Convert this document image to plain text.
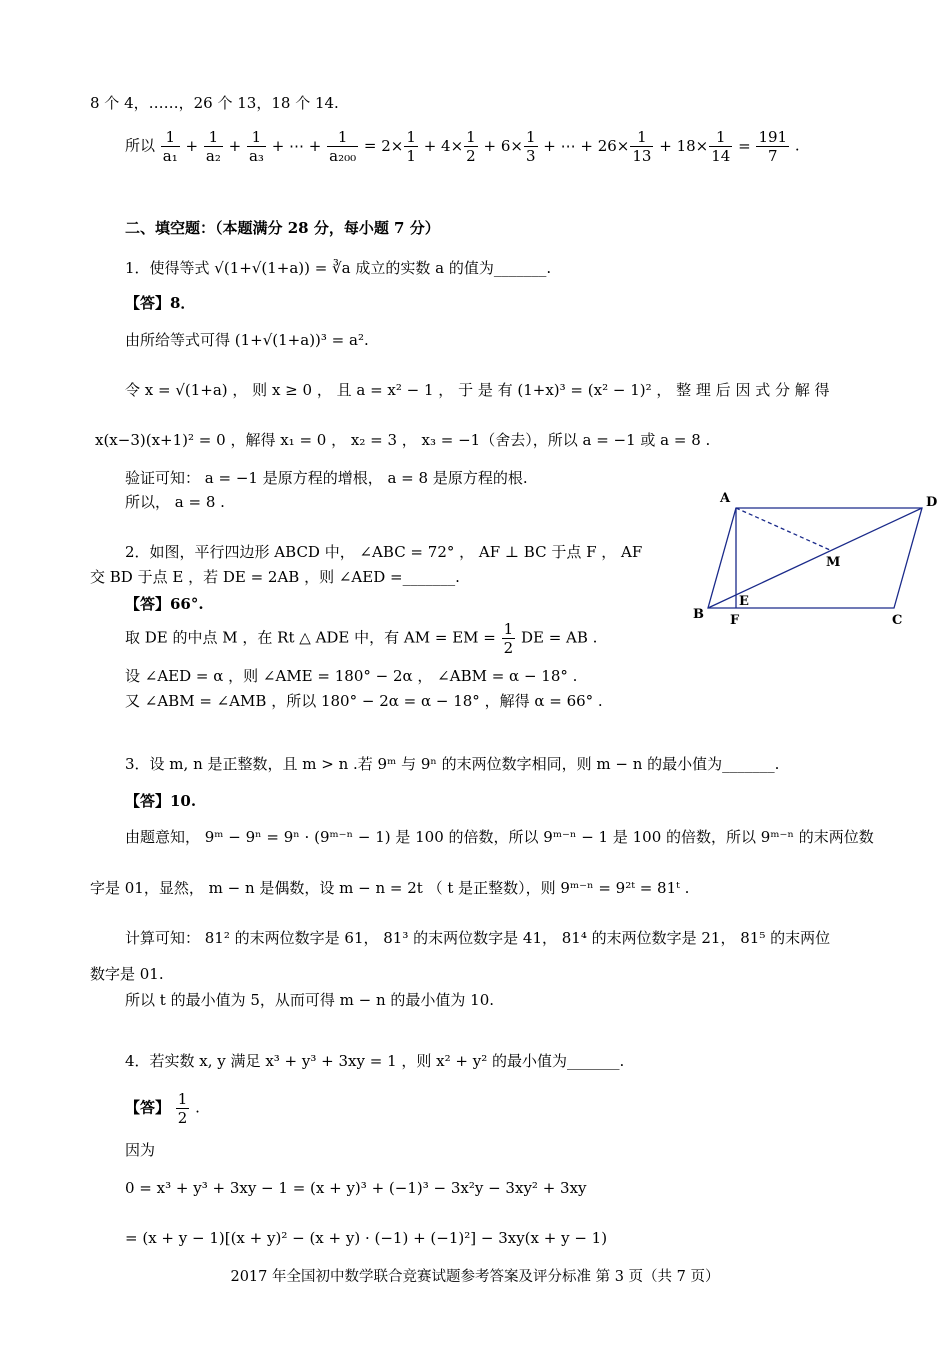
8 个 4，……，26 个 13，18 个 14.
所以 $\frac{1}{\text{a₁}} + \frac{1}{\text{a₂}} + \frac{1}{\text{a₃}}$ + ⋯ + $\frac{1}{\text{a₂₀₀}} = 2\times \frac{1}{1} + 4\times \frac{1}{2} + 6\times \frac{1}{3}$ + ⋯ + $26\times \frac{1}{13} + 18\times \frac{1}{14} = \frac{191}{7}$ .
二、填空题：（本题满分 28 分，每小题 7 分）
1．使得等式 √(1+√(1+a)) = ∛a 成立的实数 a 的值为_______.
【答】8．
由所给等式可得 (1+√(1+a))³ = a².
令 x = √(1+a) ， 则 x ≥ 0 ， 且 a = x² − 1 ， 于 是 有 (1+x)³ = (x² − 1)² ， 整 理 后 因 式 分 解 得
x(x−3)(x+1)² = 0 ，解得 x₁ = 0 ， x₂ = 3 ， x₃ = −1（舍去），所以 a = −1 或 a = 8 .
验证可知： a = −1 是原方程的增根， a = 8 是原方程的根.
所以， a = 8 .
2．如图，平行四边形 ABCD 中， ∠ABC = 72° ， AF ⊥ BC 于点 F ， AF
交 BD 于点 E ，若 DE = 2AB ，则 ∠AED =_______.
【答】66°.
取 DE 的中点 M ，在 Rt △ ADE 中，有 AM = EM = $\frac{1}{2}$ DE = AB .
设 ∠AED = α ，则 ∠AME = 180° − 2α ， ∠ABM = α − 18° .
又 ∠ABM = ∠AMB ，所以 180° − 2α = α − 18° ，解得 α = 66° .
A	D
M
E
B F	C
3．设 m, n 是正整数，且 m > n .若 9ᵐ 与 9ⁿ 的末两位数字相同，则 m − n 的最小值为_______.
【答】10.
由题意知， 9ᵐ − 9ⁿ = 9ⁿ · (9ᵐ⁻ⁿ − 1) 是 100 的倍数，所以 9ᵐ⁻ⁿ − 1 是 100 的倍数，所以 9ᵐ⁻ⁿ 的末两位数
字是 01，显然， m − n 是偶数，设 m − n = 2t （ t 是正整数），则 9ᵐ⁻ⁿ = 9²ᵗ = 81ᵗ .
计算可知： 81² 的末两位数字是 61， 81³ 的末两位数字是 41， 81⁴ 的末两位数字是 21， 81⁵ 的末两位
数字是 01.
所以 t 的最小值为 5，从而可得 m − n 的最小值为 10.
4．若实数 x, y 满足 x³ + y³ + 3xy = 1 ，则 x² + y² 的最小值为_______.
【答】 $\frac{1}{2}$ .
因为
0 = x³ + y³ + 3xy − 1 = (x + y)³ + (−1)³ − 3x²y − 3xy² + 3xy
= (x + y − 1)[(x + y)² − (x + y) · (−1) + (−1)²] − 3xy(x + y − 1)
2017 年全国初中数学联合竞赛试题参考答案及评分标准 第 3 页（共 7 页）
